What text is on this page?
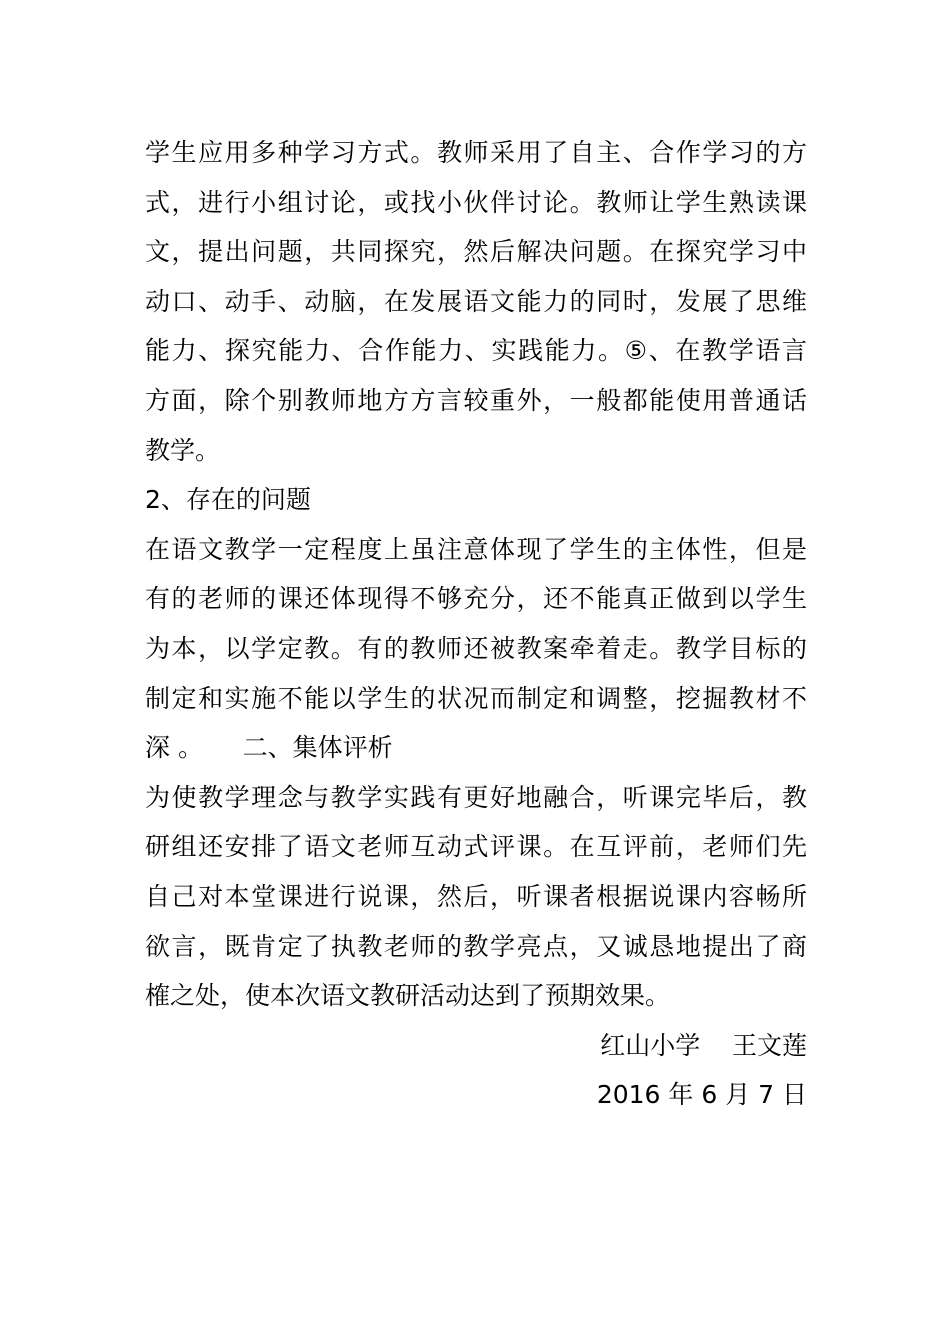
学生应用多种学习方式。教师采用了自主、合作学习的方
式，进行小组讨论，或找小伙伴讨论。教师让学生熟读课
文，提出问题，共同探究，然后解决问题。在探究学习中
动口、动手、动脑，在发展语文能力的同时，发展了思维
能力、探究能力、合作能力、实践能力。⑤、在教学语言
方面，除个别教师地方方言较重外，一般都能使用普通话
教学。
2、存在的问题
在语文教学一定程度上虽注意体现了学生的主体性，但是
有的老师的课还体现得不够充分，还不能真正做到以学生
为本，以学定教。有的教师还被教案牵着走。教学目标的
制定和实施不能以学生的状况而制定和调整，挖掘教材不
深 。     二、集体评析
为使教学理念与教学实践有更好地融合，听课完毕后，教
研组还安排了语文老师互动式评课。在互评前，老师们先
自己对本堂课进行说课，然后，听课者根据说课内容畅所
欲言，既肯定了执教老师的教学亮点，又诚恳地提出了商
榷之处，使本次语文教研活动达到了预期效果。
红山小学    王文莲
2016 年 6 月 7 日
